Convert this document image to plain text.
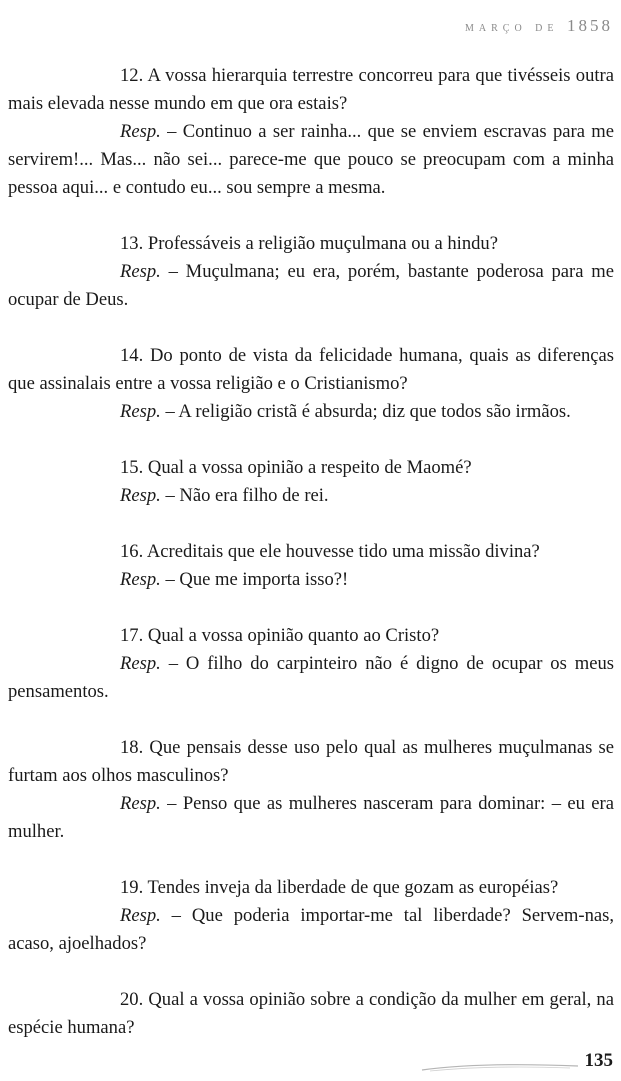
março de 1858

12. A vossa hierarquia terrestre concorreu para que tivésseis outra mais elevada nesse mundo em que ora estais?

Resp. – Continuo a ser rainha... que se enviem escravas para me servirem!... Mas... não sei... parece-me que pouco se preocupam com a minha pessoa aqui... e contudo eu... sou sempre a mesma.

13. Professáveis a religião muçulmana ou a hindu?

Resp. – Muçulmana; eu era, porém, bastante poderosa para me ocupar de Deus.

14. Do ponto de vista da felicidade humana, quais as diferenças que assinalais entre a vossa religião e o Cristianismo?

Resp. – A religião cristã é absurda; diz que todos são irmãos.

15. Qual a vossa opinião a respeito de Maomé?

Resp. – Não era filho de rei.

16. Acreditais que ele houvesse tido uma missão divina?

Resp. – Que me importa isso?!

17. Qual a vossa opinião quanto ao Cristo?

Resp. – O filho do carpinteiro não é digno de ocupar os meus pensamentos.

18. Que pensais desse uso pelo qual as mulheres muçulmanas se furtam aos olhos masculinos?

Resp. – Penso que as mulheres nasceram para dominar: – eu era mulher.

19. Tendes inveja da liberdade de que gozam as européias?

Resp. – Que poderia importar-me tal liberdade? Servem-nas, acaso, ajoelhados?

20. Qual a vossa opinião sobre a condição da mulher em geral, na espécie humana?

135
